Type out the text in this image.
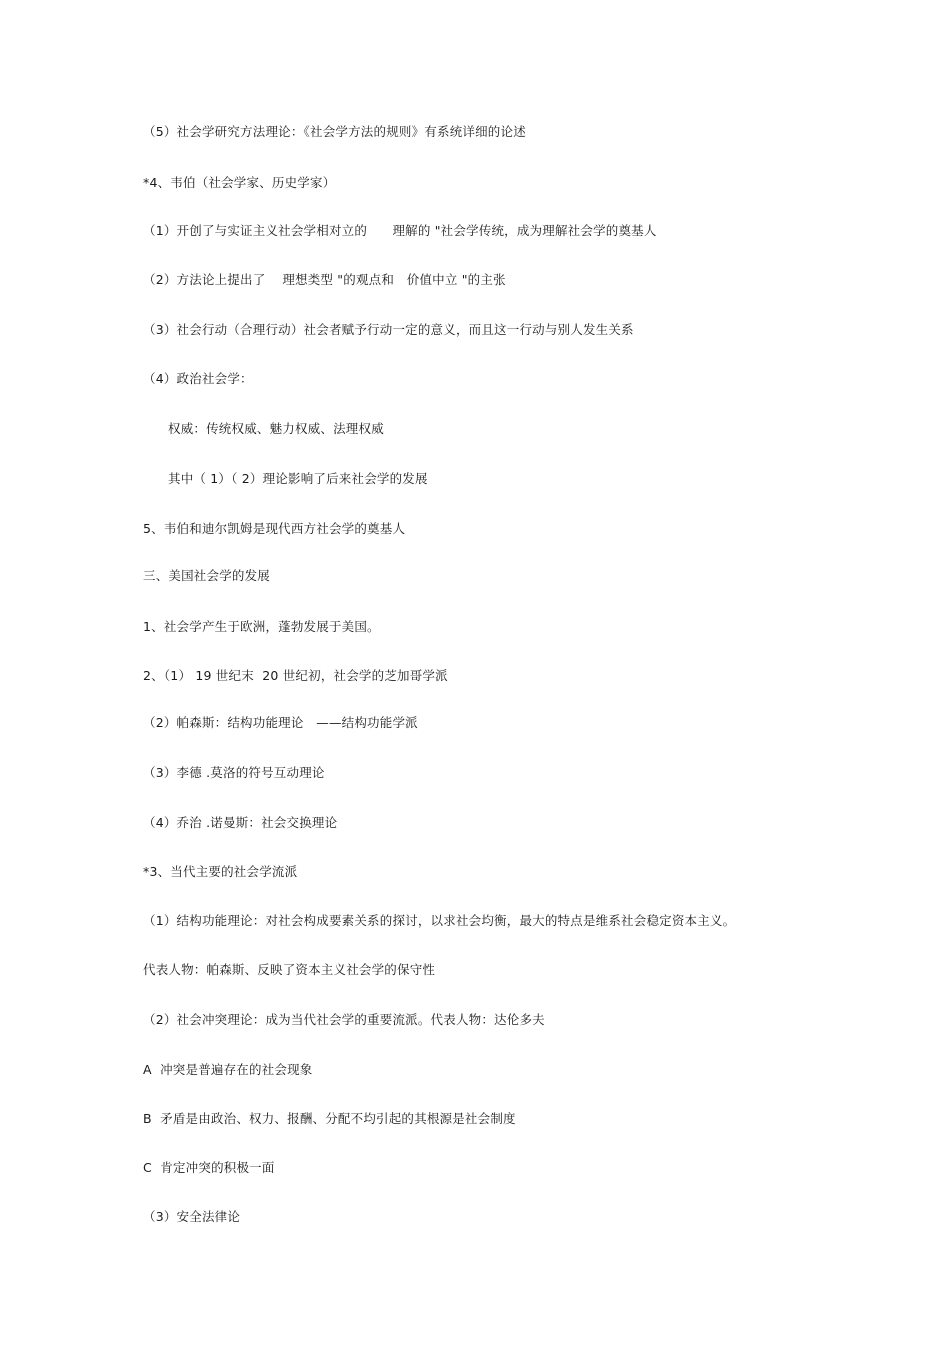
（5）社会学研究方法理论：《社会学方法的规则》有系统详细的论述
*4、韦伯（社会学家、历史学家）
（1）开创了与实证主义社会学相对立的　　理解的 "社会学传统，成为理解社会学的奠基人
（2）方法论上提出了　 理想类型 "的观点和　价值中立 "的主张
（3）社会行动（合理行动）社会者赋予行动一定的意义，而且这一行动与别人发生关系
（4）政治社会学：
权威：传统权威、魅力权威、法理权威
其中（ 1）（ 2）理论影响了后来社会学的发展
5、韦伯和迪尔凯姆是现代西方社会学的奠基人
三、美国社会学的发展
1、社会学产生于欧洲，蓬勃发展于美国。
2、（1） 19 世纪末  20 世纪初，社会学的芝加哥学派
（2）帕森斯：结构功能理论　——结构功能学派
（3）李德 .莫洛的符号互动理论
（4）乔治 .诺曼斯：社会交换理论
*3、当代主要的社会学流派
（1）结构功能理论：对社会构成要素关系的探讨，以求社会均衡，最大的特点是维系社会稳定资本主义。
代表人物：帕森斯、反映了资本主义社会学的保守性
（2）社会冲突理论：成为当代社会学的重要流派。代表人物：达伦多夫
A  冲突是普遍存在的社会现象
B  矛盾是由政治、权力、报酬、分配不均引起的其根源是社会制度
C  肯定冲突的积极一面
（3）安全法律论
